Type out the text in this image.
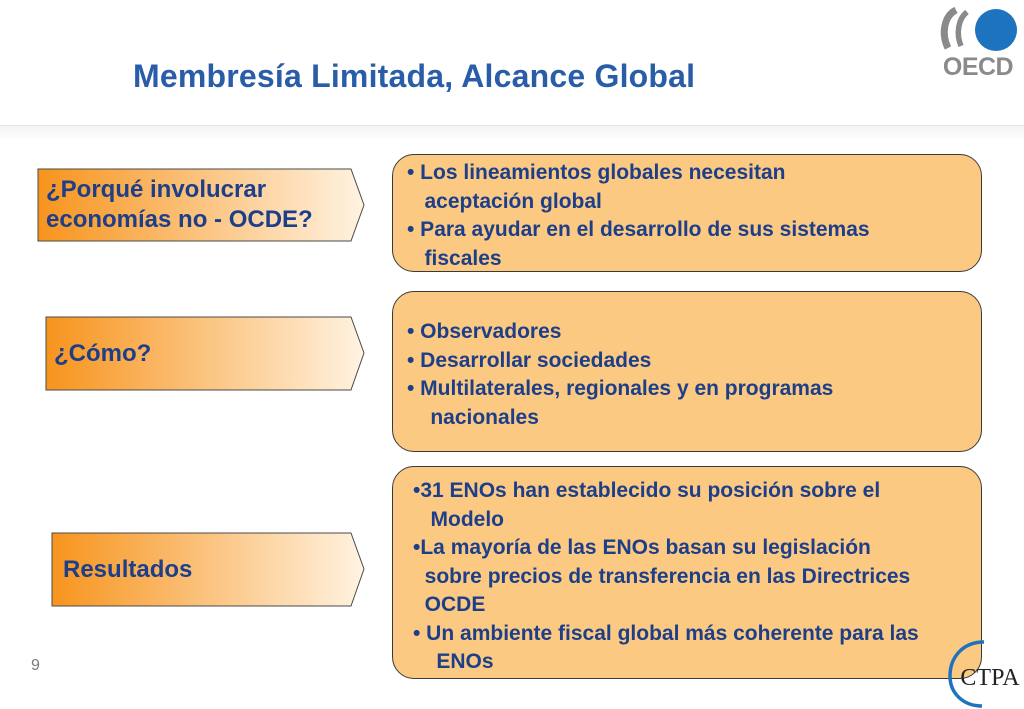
Membresía Limitada, Alcance Global	OECD
¿Porqué involucrar
economías no - OCDE?
• Los lineamientos globales necesitan
aceptación global
• Para ayudar en el desarrollo de sus sistemas
fiscales
¿Cómo?
• Observadores
• Desarrollar sociedades
• Multilaterales, regionales y en programas
nacionales
Resultados
•31 ENOs han establecido su posición sobre el
Modelo
•La mayoría de las ENOs basan su legislación
sobre precios de transferencia en las Directrices
OCDE
• Un ambiente fiscal global más coherente para las
ENOs
9	CTPA
